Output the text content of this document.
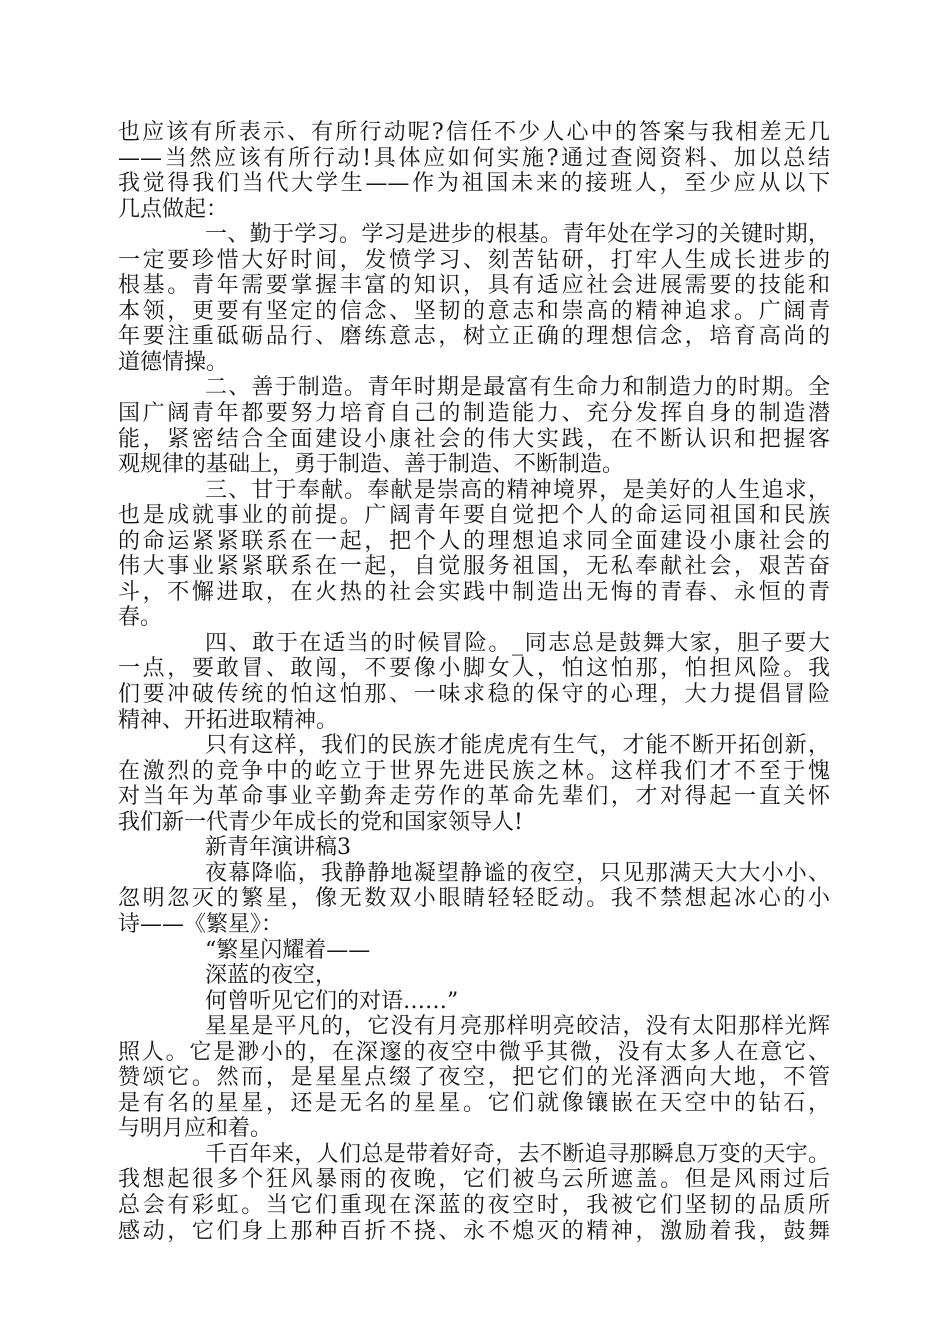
也应该有所表示、有所行动呢?信任不少人心中的答案与我相差无几
——当然应该有所行动!具体应如何实施?通过查阅资料、加以总结
我觉得我们当代大学生——作为祖国未来的接班人，至少应从以下
几点做起：
一、勤于学习。学习是进步的根基。青年处在学习的关键时期，
一定要珍惜大好时间，发愤学习、刻苦钻研，打牢人生成长进步的
根基。青年需要掌握丰富的知识，具有适应社会进展需要的技能和
本领，更要有坚定的信念、坚韧的意志和崇高的精神追求。广阔青
年要注重砥砺品行、磨练意志，树立正确的理想信念，培育高尚的
道德情操。
二、善于制造。青年时期是最富有生命力和制造力的时期。全
国广阔青年都要努力培育自己的制造能力、充分发挥自身的制造潜
能，紧密结合全面建设小康社会的伟大实践，在不断认识和把握客
观规律的基础上，勇于制造、善于制造、不断制造。
三、甘于奉献。奉献是崇高的精神境界，是美好的人生追求，
也是成就事业的前提。广阔青年要自觉把个人的命运同祖国和民族
的命运紧紧联系在一起，把个人的理想追求同全面建设小康社会的
伟大事业紧紧联系在一起，自觉服务祖国，无私奉献社会，艰苦奋
斗，不懈进取，在火热的社会实践中制造出无悔的青春、永恒的青
春。
四、敢于在适当的时候冒险。_同志总是鼓舞大家，胆子要大
一点，要敢冒、敢闯，不要像小脚女人，怕这怕那，怕担风险。我
们要冲破传统的怕这怕那、一味求稳的保守的心理，大力提倡冒险
精神、开拓进取精神。
只有这样，我们的民族才能虎虎有生气，才能不断开拓创新，
在激烈的竞争中的屹立于世界先进民族之林。这样我们才不至于愧
对当年为革命事业辛勤奔走劳作的革命先辈们，才对得起一直关怀
我们新一代青少年成长的党和国家领导人!
新青年演讲稿3
夜幕降临，我静静地凝望静谧的夜空，只见那满天大大小小、
忽明忽灭的繁星，像无数双小眼睛轻轻眨动。我不禁想起冰心的小
诗——《繁星》：
“繁星闪耀着——
深蓝的夜空，
何曾听见它们的对语……”
星星是平凡的，它没有月亮那样明亮皎洁，没有太阳那样光辉
照人。它是渺小的，在深邃的夜空中微乎其微，没有太多人在意它、
赞颂它。然而，是星星点缀了夜空，把它们的光泽洒向大地，不管
是有名的星星，还是无名的星星。它们就像镶嵌在天空中的钻石，
与明月应和着。
千百年来，人们总是带着好奇，去不断追寻那瞬息万变的天宇。
我想起很多个狂风暴雨的夜晚，它们被乌云所遮盖。但是风雨过后
总会有彩虹。当它们重现在深蓝的夜空时，我被它们坚韧的品质所
感动，它们身上那种百折不挠、永不熄灭的精神，激励着我，鼓舞
